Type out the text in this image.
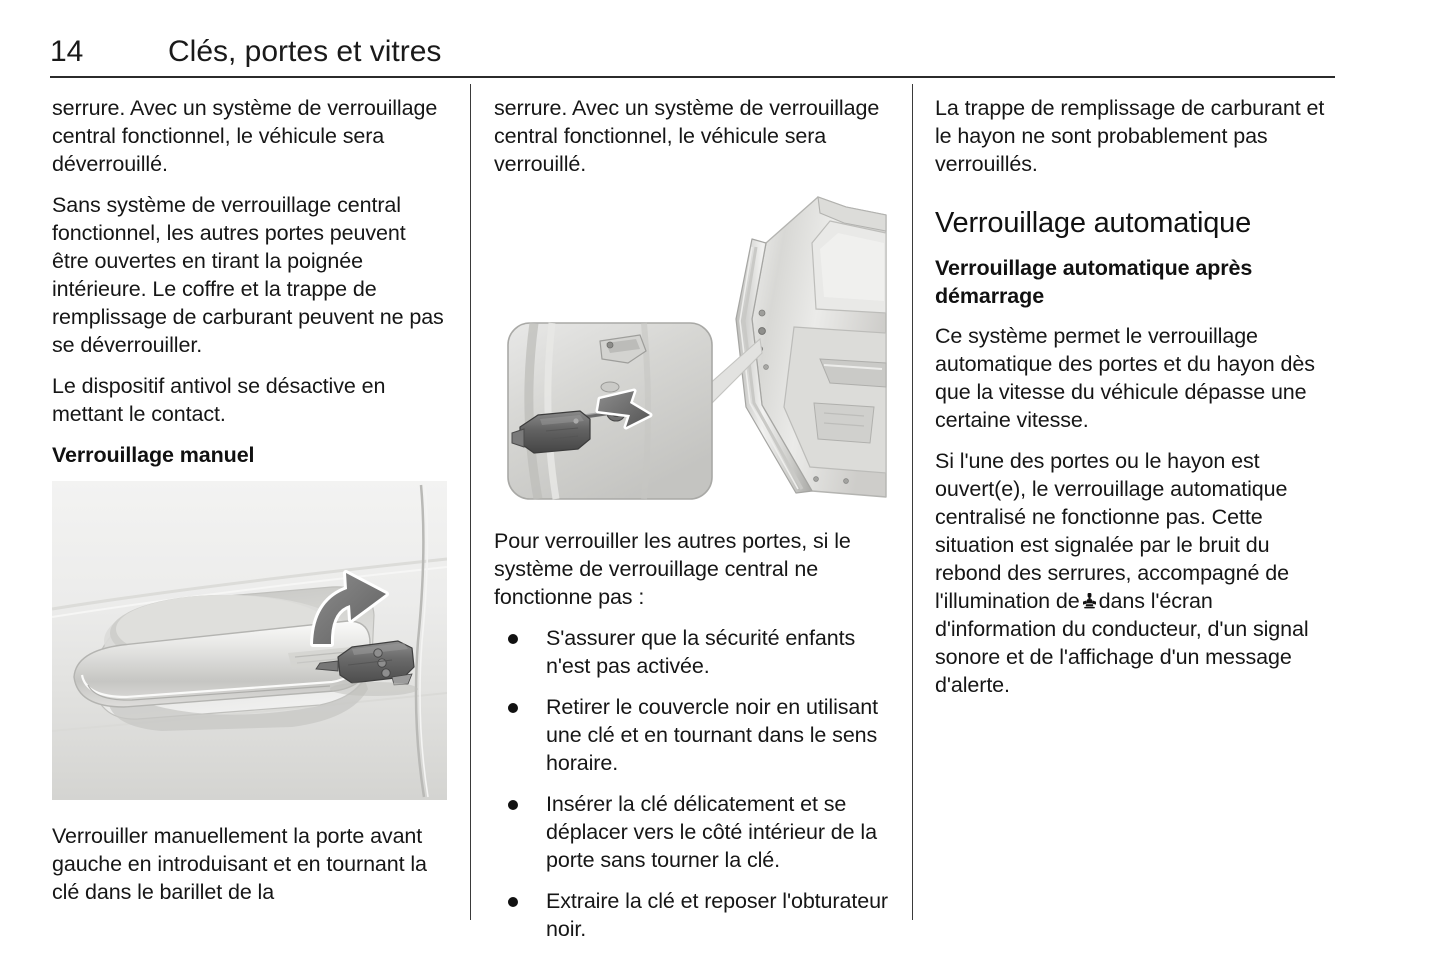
14	Clés, portes et vitres

serrure. Avec un système de verrouillage central fonctionnel, le véhicule sera déverrouillé.

Sans système de verrouillage central fonctionnel, les autres portes peuvent être ouvertes en tirant la poignée intérieure. Le coffre et la trappe de remplissage de carburant peuvent ne pas se déverrouiller.

Le dispositif antivol se désactive en mettant le contact.

Verrouillage manuel

Verrouiller manuellement la porte avant gauche en introduisant et en tournant la clé dans le barillet de la

serrure. Avec un système de verrouillage central fonctionnel, le véhicule sera verrouillé.

Pour verrouiller les autres portes, si le système de verrouillage central ne fonctionne pas :

S'assurer que la sécurité enfants n'est pas activée.
Retirer le couvercle noir en utilisant une clé et en tournant dans le sens horaire.
Insérer la clé délicatement et se déplacer vers le côté intérieur de la porte sans tourner la clé.
Extraire la clé et reposer l'obturateur noir.

La trappe de remplissage de carburant et le hayon ne sont probablement pas verrouillés.

Verrouillage automatique
Verrouillage automatique après démarrage

Ce système permet le verrouillage automatique des portes et du hayon dès que la vitesse du véhicule dépasse une certaine vitesse.

Si l'une des portes ou le hayon est ouvert(e), le verrouillage automatique centralisé ne fonctionne pas. Cette situation est signalée par le bruit du rebond des serrures, accompagné de l'illumination de dans l'écran d'information du conducteur, d'un signal sonore et de l'affichage d'un message d'alerte.
